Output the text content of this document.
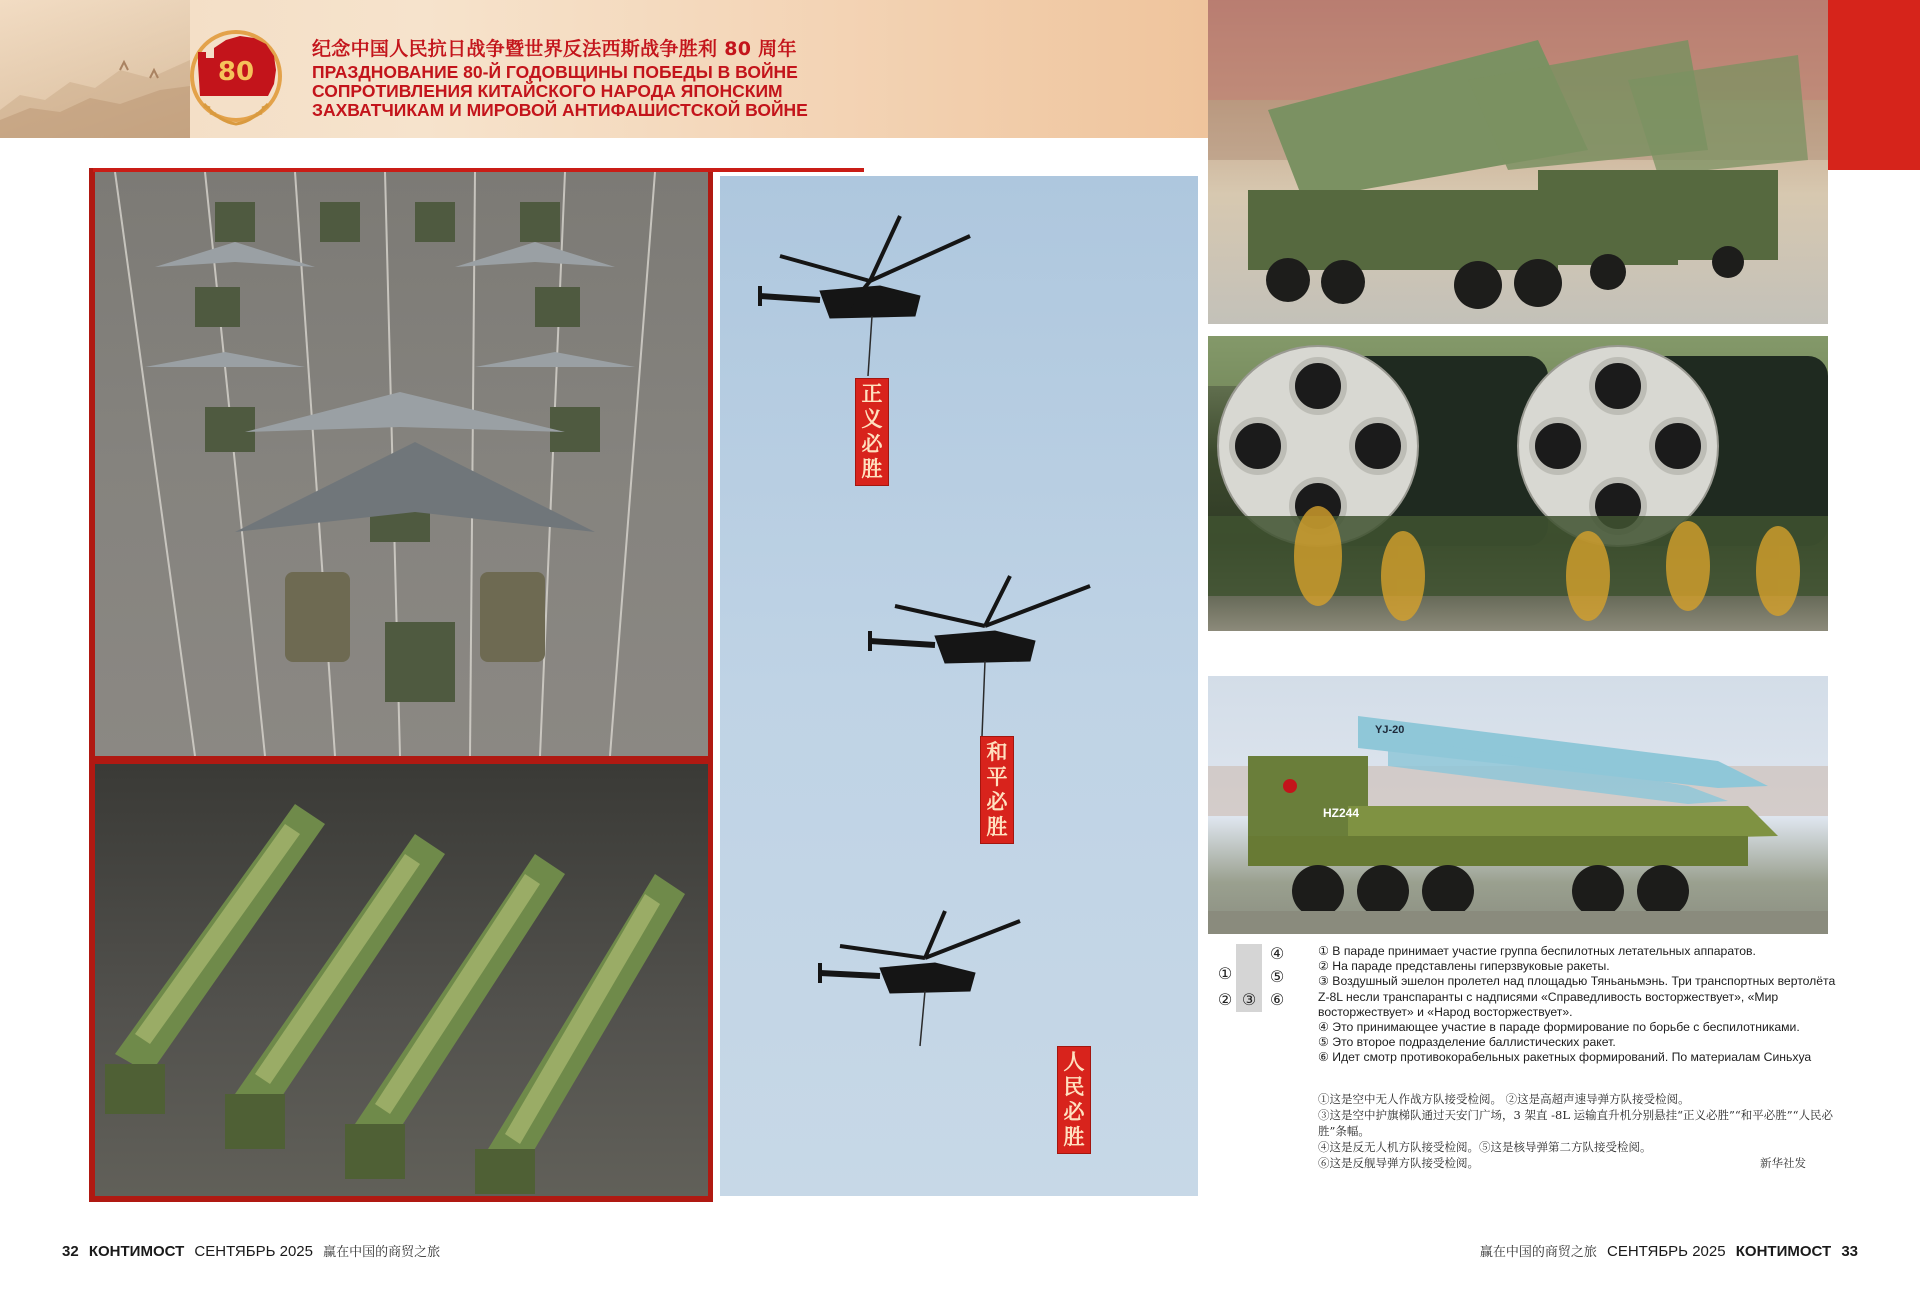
80
纪念中国人民抗日战争暨世界反法西斯战争胜利 80 周年
ПРАЗДНОВАНИЕ 80-Й ГОДОВЩИНЫ ПОБЕДЫ В ВОЙНЕ
СОПРОТИВЛЕНИЯ КИТАЙСКОГО НАРОДА ЯПОНСКИМ
ЗАХВАТЧИКАМ И МИРОВОЙ АНТИФАШИСТСКОЙ ВОЙНЕ
正
义
必
胜
和
平
必
胜
人
民
必
胜
YJ-20
HZ244
④
①	⑤
② ③ ⑥

① В параде принимает участие группа беспилотных летательных аппаратов.

② На параде представлены гиперзвуковые ракеты.

③ Воздушный эшелон пролетел над площадью Тяньаньмэнь. Три транспортных вертолёта Z-8L несли транспаранты с надписями «Справедливость восторжествует», «Мир восторжествует» и «Народ восторжествует».

④ Это принимающее участие в параде формирование по борьбе с беспилотниками.

⑤ Это второе подразделение баллистических ракет.

⑥ Идет смотр противокорабельных ракетных формирований. По материалам Синьхуа

①这是空中无人作战方队接受检阅。 ②这是高超声速导弹方队接受检阅。

③这是空中护旗梯队通过天安门广场，3 架直 -8L 运输直升机分别悬挂“正义必胜”“和平必胜”“人民必胜”条幅。

④这是反无人机方队接受检阅。⑤这是核导弹第二方队接受检阅。

⑥这是反舰导弹方队接受检阅。	新华社发
32 КОНТИМОСТ СЕНТЯБРЬ 2025 赢在中国的商贸之旅	赢在中国的商贸之旅 СЕНТЯБРЬ 2025 КОНТИМОСТ 33
